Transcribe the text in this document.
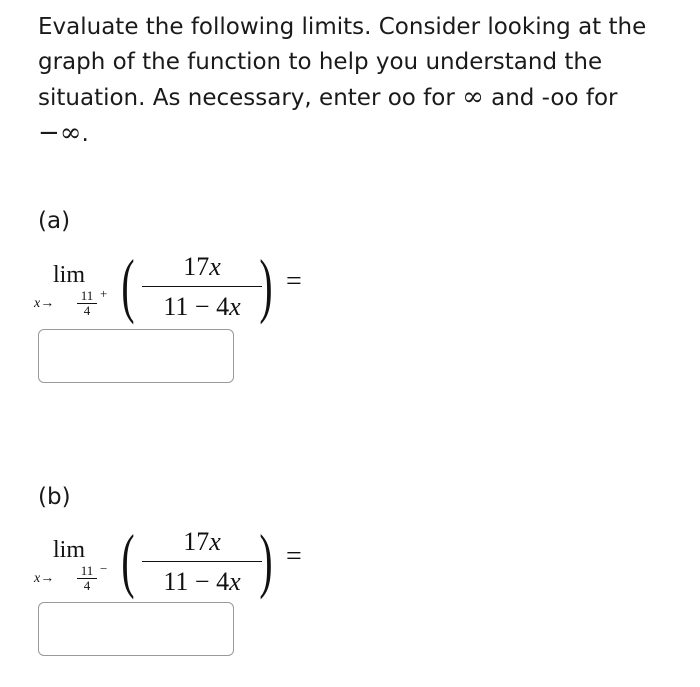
Evaluate the following limits. Consider looking at the graph of the function to help you understand the situation. As necessary, enter oo for ∞ and -oo for
−∞.

(a)
lim
$x\to \frac{11}{4}$ + ( $\frac{17x}{11 - 4x}$
) =
(b)
lim
$x\to \frac{11}{4}$ − ( $\frac{17x}{11 - 4x}$
) =
